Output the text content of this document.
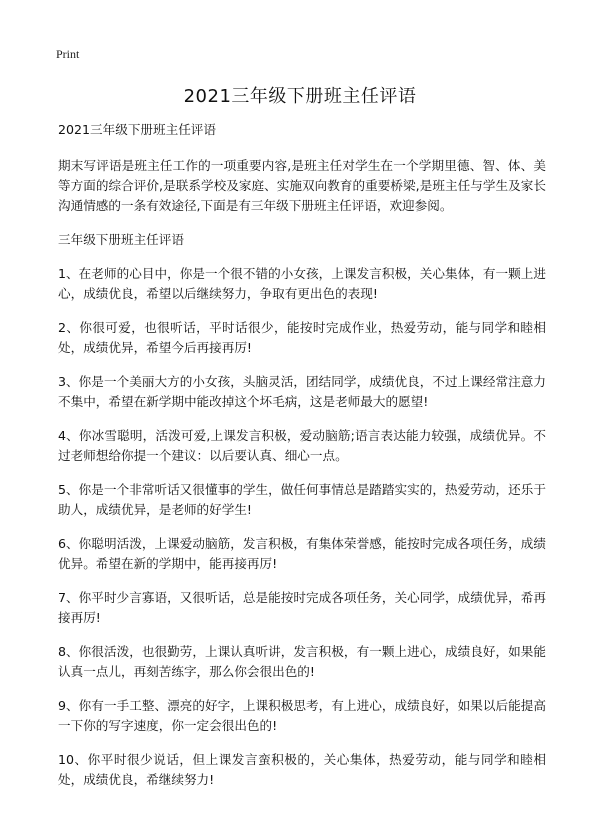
Print
2021三年级下册班主任评语

2021三年级下册班主任评语

期末写评语是班主任工作的一项重要内容,是班主任对学生在一个学期里德、智、体、美等方面的综合评价,是联系学校及家庭、实施双向教育的重要桥梁,是班主任与学生及家长沟通情感的一条有效途径,下面是有三年级下册班主任评语，欢迎参阅。

三年级下册班主任评语

1、在老师的心目中，你是一个很不错的小女孩，上课发言积极，关心集体，有一颗上进心，成绩优良，希望以后继续努力，争取有更出色的表现!

2、你很可爱，也很听话，平时话很少，能按时完成作业，热爱劳动，能与同学和睦相处，成绩优异，希望今后再接再厉!

3、你是一个美丽大方的小女孩，头脑灵活，团结同学，成绩优良，不过上课经常注意力不集中，希望在新学期中能改掉这个坏毛病，这是老师最大的愿望!

4、你冰雪聪明，活泼可爱,上课发言积极，爱动脑筋;语言表达能力较强，成绩优异。不过老师想给你提一个建议：以后要认真、细心一点。

5、你是一个非常听话又很懂事的学生，做任何事情总是踏踏实实的，热爱劳动，还乐于助人，成绩优异，是老师的好学生!

6、你聪明活泼，上课爱动脑筋，发言积极，有集体荣誉感，能按时完成各项任务，成绩优异。希望在新的学期中，能再接再厉!

7、你平时少言寡语，又很听话，总是能按时完成各项任务，关心同学，成绩优异，希再接再厉!

8、你很活泼，也很勤劳，上课认真听讲，发言积极，有一颗上进心，成绩良好，如果能认真一点儿，再刻苦练字，那么你会很出色的!

9、你有一手工整、漂亮的好字，上课积极思考，有上进心，成绩良好，如果以后能提高一下你的写字速度，你一定会很出色的!

10、你平时很少说话，但上课发言蛮积极的，关心集体，热爱劳动，能与同学和睦相处，成绩优良，希继续努力!
